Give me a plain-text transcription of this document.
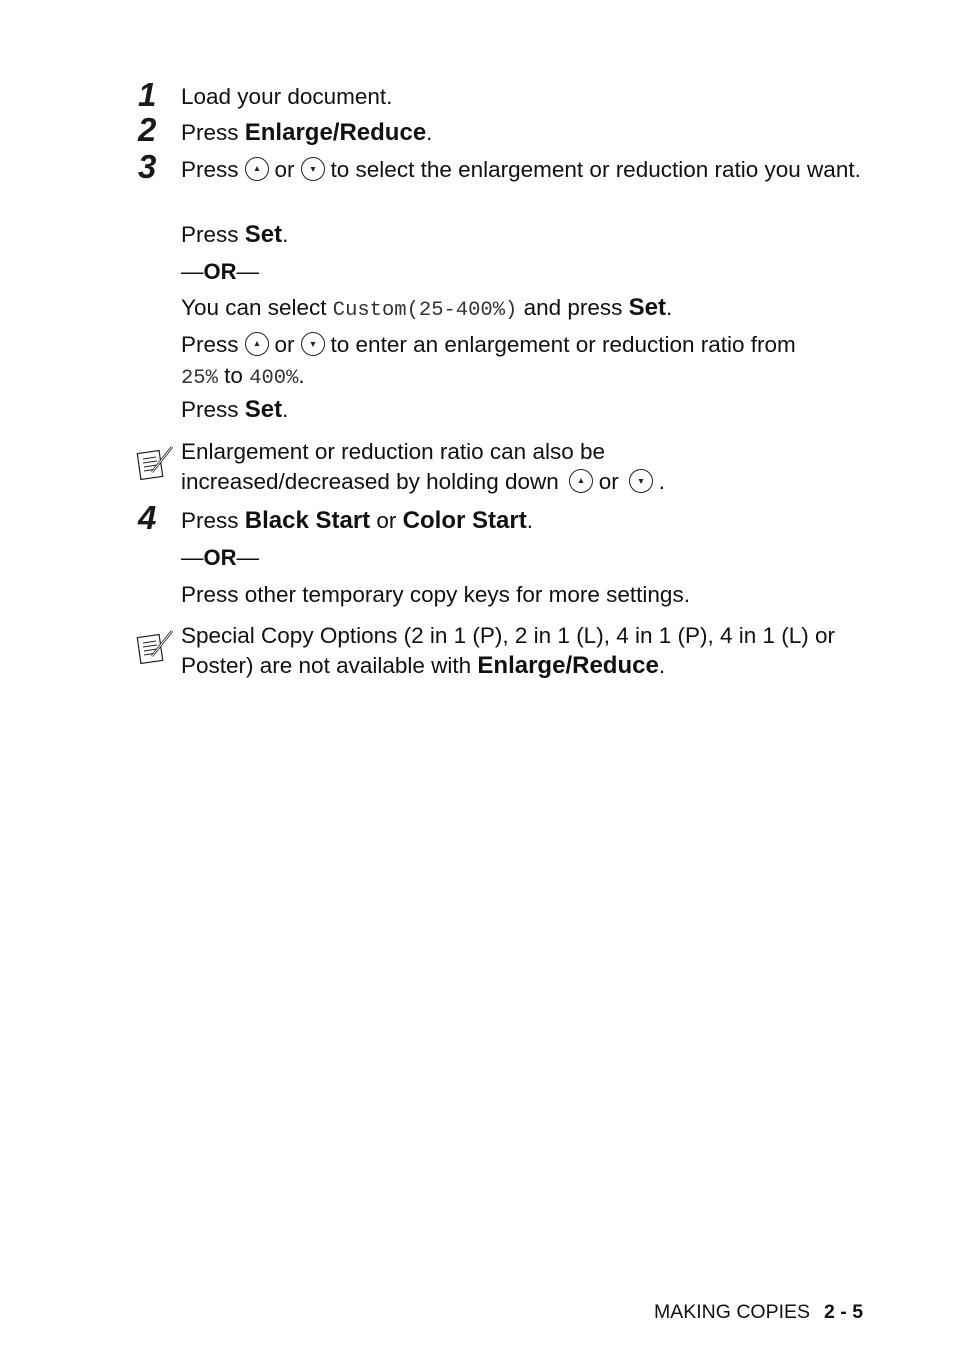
1 Load your document.
2 Press Enlarge/Reduce.
3 Press or to select the enlargement or reduction ratio you want.
Press Set.
—OR—
You can select Custom(25-400%) and press Set.
Press or to enter an enlargement or reduction ratio from
25% to 400%.
Press Set.
Enlargement or reduction ratio can also be
increased/decreased by holding down or .
4 Press Black Start or Color Start.
—OR—
Press other temporary copy keys for more settings.
Special Copy Options (2 in 1 (P), 2 in 1 (L), 4 in 1 (P), 4 in 1 (L) or Poster) are not available with Enlarge/Reduce.
MAKING COPIES 2 - 5
